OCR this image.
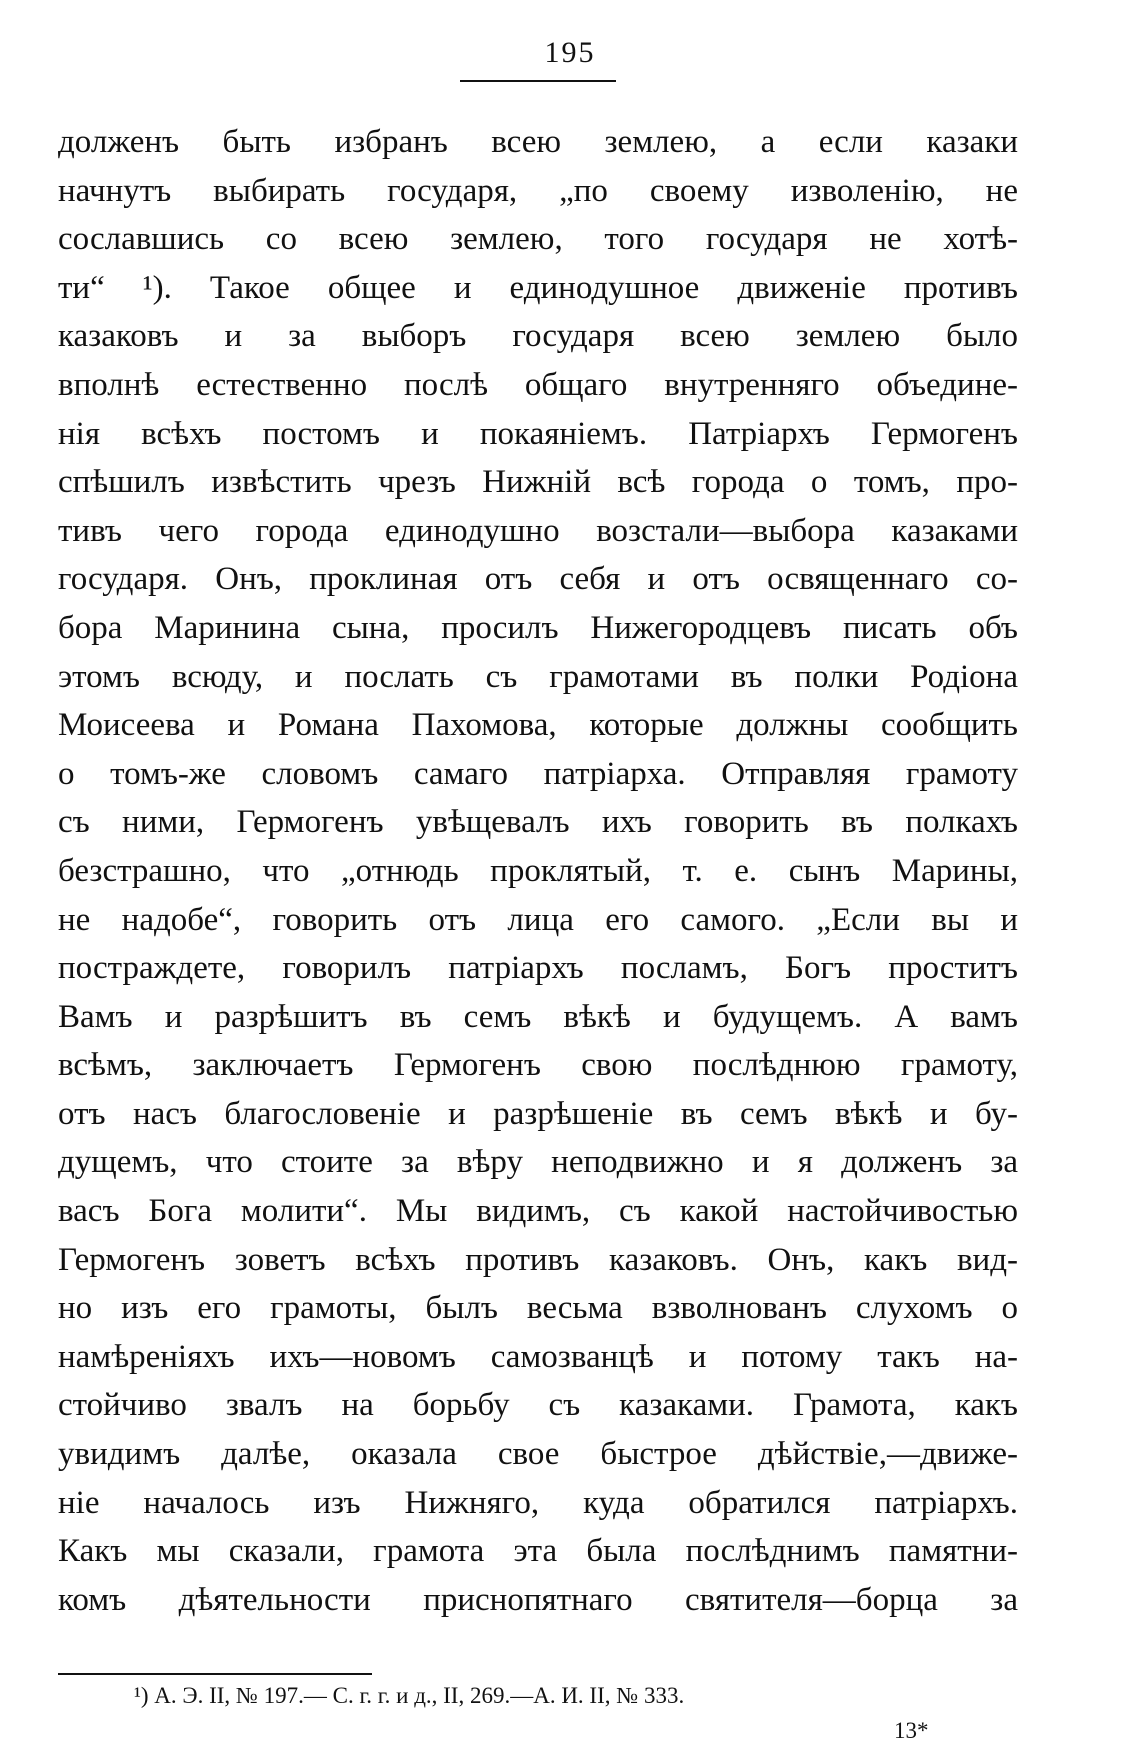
195
долженъ быть избранъ всею землею, а если казаки
начнутъ выбирать государя, „по своему изволенію, не
сославшись со всею землею, того государя не хотѣ-
ти“ ¹). Такое общее и единодушное движеніе противъ
казаковъ и за выборъ государя всею землею было
вполнѣ естественно послѣ общаго внутренняго объедине-
нія всѣхъ постомъ и покаяніемъ. Патріархъ Гермогенъ
спѣшилъ извѣстить чрезъ Нижній всѣ города о томъ, про-
тивъ чего города единодушно возстали—выбора казаками
государя. Онъ, проклиная отъ себя и отъ освященнаго со-
бора Маринина сына, просилъ Нижегородцевъ писать объ
этомъ всюду, и послать съ грамотами въ полки Родіона
Моисеева и Романа Пахомова, которые должны сообщить
о томъ-же словомъ самаго патріарха. Отправляя грамоту
съ ними, Гермогенъ увѣщевалъ ихъ говорить въ полкахъ
безстрашно, что „отнюдь проклятый, т. е. сынъ Марины,
не надобе“, говорить отъ лица его самого. „Если вы и
постраждете, говорилъ патріархъ посламъ, Богъ проститъ
Вамъ и разрѣшитъ въ семъ вѣкѣ и будущемъ. А вамъ
всѣмъ, заключаетъ Гермогенъ свою послѣднюю грамоту,
отъ насъ благословеніе и разрѣшеніе въ семъ вѣкѣ и бу-
дущемъ, что стоите за вѣру неподвижно и я долженъ за
васъ Бога молити“. Мы видимъ, съ какой настойчивостью
Гермогенъ зоветъ всѣхъ противъ казаковъ. Онъ, какъ вид-
но изъ его грамоты, былъ весьма взволнованъ слухомъ о
намѣреніяхъ ихъ—новомъ самозванцѣ и потому такъ на-
стойчиво звалъ на борьбу съ казаками. Грамота, какъ
увидимъ далѣе, оказала свое быстрое дѣйствіе,—движе-
ніе началось изъ Нижняго, куда обратился патріархъ.
Какъ мы сказали, грамота эта была послѣднимъ памятни-
комъ дѣятельности приснопятнаго святителя—борца за
¹) А. Э. II, № 197.— С. г. г. и д., II, 269.—А. И. II, № 333.
13*
